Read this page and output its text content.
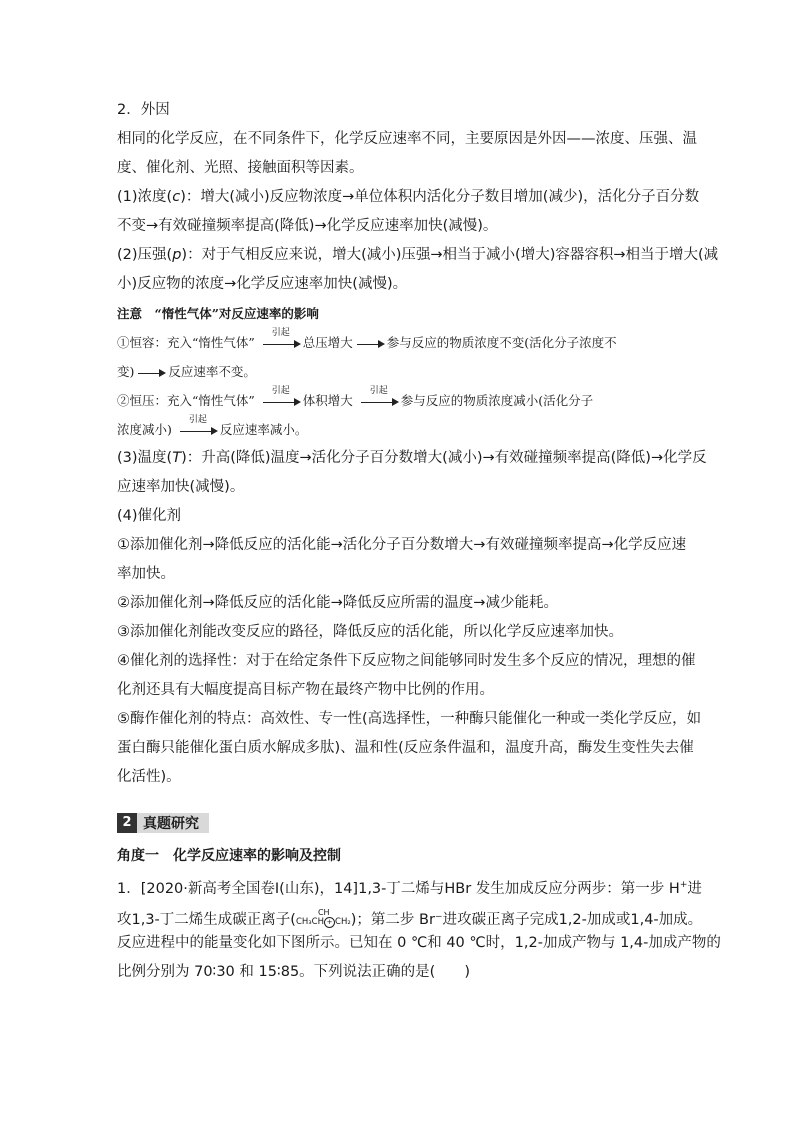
2．外因
相同的化学反应，在不同条件下，化学反应速率不同，主要原因是外因——浓度、压强、温
度、催化剂、光照、接触面积等因素。
(1)浓度(c)：增大(减小)反应物浓度→单位体积内活化分子数目增加(减少)，活化分子百分数
不变→有效碰撞频率提高(降低)→化学反应速率加快(减慢)。
(2)压强(p)：对于气相反应来说，增大(减小)压强→相当于减小(增大)容器容积→相当于增大(减
小)反应物的浓度→化学反应速率加快(减慢)。
注意　“惰性气体”对反应速率的影响
①恒容：充入“惰性气体”
引起
总压增大	参与反应的物质浓度不变(活化分子浓度不
变)	反应速率不变。
②恒压：充入“惰性气体”
引起
体积增大
引起
参与反应的物质浓度减小(活化分子
浓度减小)
引起
反应速率减小。
(3)温度(T)：升高(降低)温度→活化分子百分数增大(减小)→有效碰撞频率提高(降低)→化学反
应速率加快(减慢)。
(4)催化剂
①添加催化剂→降低反应的活化能→活化分子百分数增大→有效碰撞频率提高→化学反应速
率加快。
②添加催化剂→降低反应的活化能→降低反应所需的温度→减少能耗。
③添加催化剂能改变反应的路径，降低反应的活化能，所以化学反应速率加快。
④催化剂的选择性：对于在给定条件下反应物之间能够同时发生多个反应的情况，理想的催
化剂还具有大幅度提高目标产物在最终产物中比例的作用。
⑤酶作催化剂的特点：高效性、专一性(高选择性，一种酶只能催化一种或一类化学反应，如
蛋白酶只能催化蛋白质水解成多肽)、温和性(反应条件温和，温度升高，酶发生变性失去催
化活性)。
2 真题研究
角度一　化学反应速率的影响及控制
1．[2020·新高考全国卷Ⅰ(山东)，14]1,3-丁二烯与HBr 发生加成反应分两步：第一步 H+进
攻1,3-丁二烯生成碳正离子(	CH
CH₃CH + CH₂)；第二步 Br⁻进攻碳正离子完成1,2-加成或1,4-加成。
反应进程中的能量变化如下图所示。已知在 0 ℃和 40 ℃时，1,2-加成产物与 1,4-加成产物的
比例分别为 70∶30 和 15∶85。下列说法正确的是(　　)
